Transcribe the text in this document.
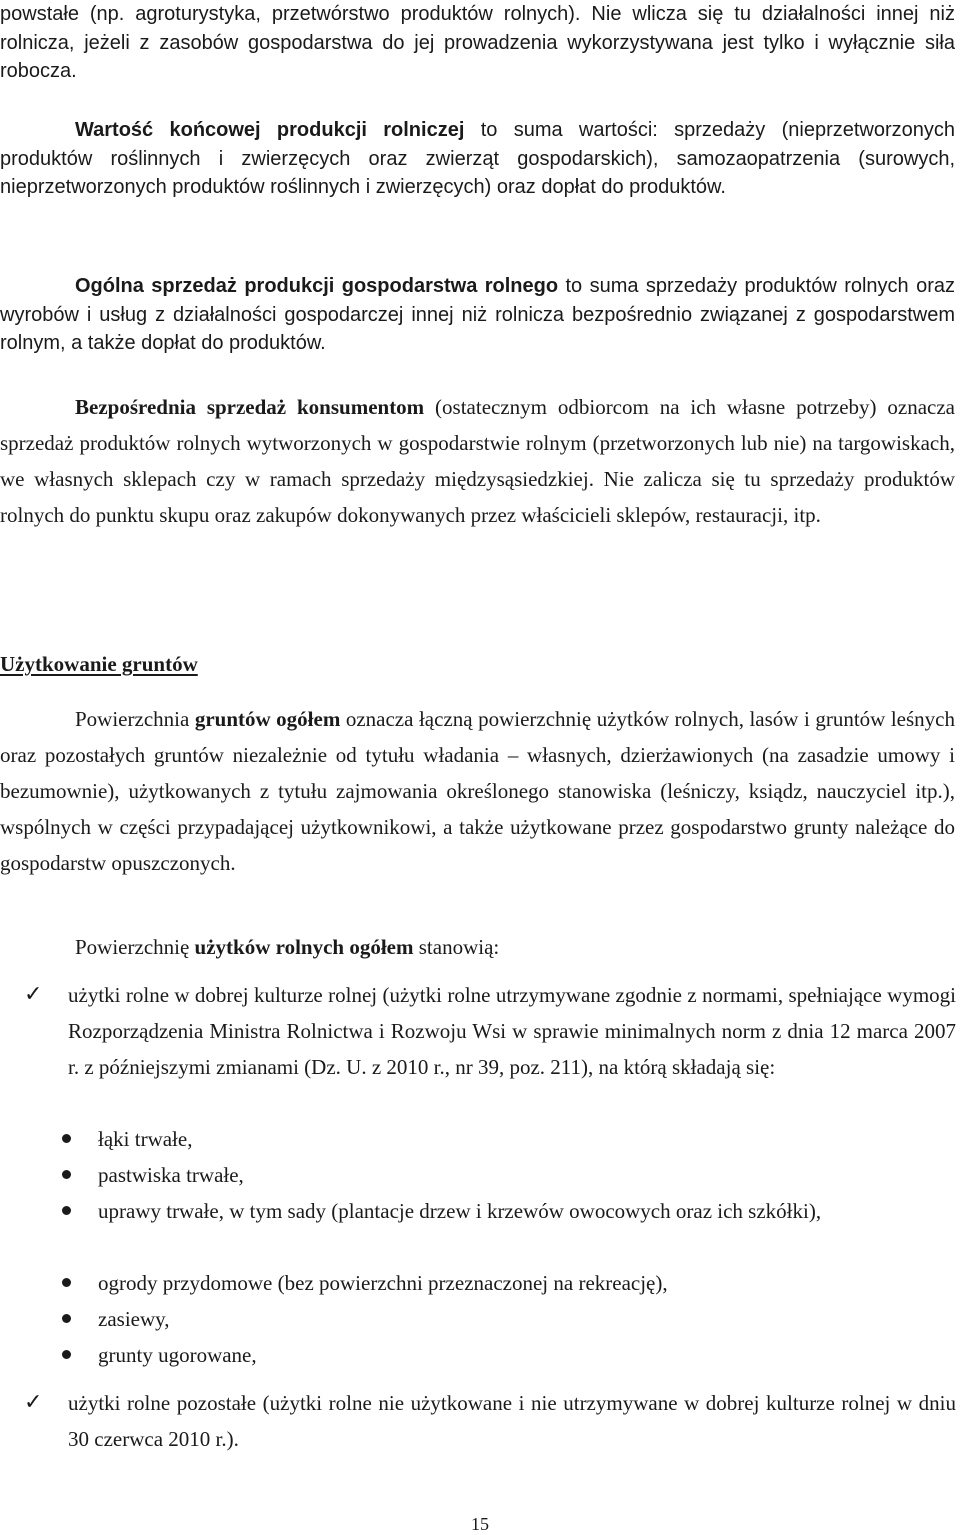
powstałe (np. agroturystyka, przetwórstwo produktów rolnych). Nie wlicza się tu działalności innej niż rolnicza, jeżeli z zasobów gospodarstwa do jej prowadzenia wykorzystywana jest tylko i wyłącznie siła robocza.

Wartość końcowej produkcji rolniczej to suma wartości: sprzedaży (nieprzetworzonych produktów roślinnych i zwierzęcych oraz zwierząt gospodarskich), samozaopatrzenia (surowych, nieprzetworzonych produktów roślinnych i zwierzęcych) oraz dopłat do produktów.

Ogólna sprzedaż produkcji gospodarstwa rolnego to suma sprzedaży produktów rolnych oraz wyrobów i usług z działalności gospodarczej innej niż rolnicza bezpośrednio związanej z gospodarstwem rolnym, a także dopłat do produktów.

Bezpośrednia sprzedaż konsumentom (ostatecznym odbiorcom na ich własne potrzeby) oznacza sprzedaż produktów rolnych wytworzonych w gospodarstwie rolnym (przetworzonych lub nie) na targowiskach, we własnych sklepach czy w ramach sprzedaży międzysąsiedzkiej. Nie zalicza się tu sprzedaży produktów rolnych do punktu skupu oraz zakupów dokonywanych przez właścicieli sklepów, restauracji, itp.

Użytkowanie gruntów

Powierzchnia gruntów ogółem oznacza łączną powierzchnię użytków rolnych, lasów i gruntów leśnych oraz pozostałych gruntów niezależnie od tytułu władania – własnych, dzierżawionych (na zasadzie umowy i bezumownie), użytkowanych z tytułu zajmowania określonego stanowiska (leśniczy, ksiądz, nauczyciel itp.), wspólnych w części przypadającej użytkownikowi, a także użytkowane przez gospodarstwo grunty należące do gospodarstw opuszczonych.

Powierzchnię użytków rolnych ogółem stanowią:

✓ użytki rolne w dobrej kulturze rolnej (użytki rolne utrzymywane zgodnie z normami, spełniające wymogi Rozporządzenia Ministra Rolnictwa i Rozwoju Wsi w sprawie minimalnych norm z dnia 12 marca 2007 r. z późniejszymi zmianami (Dz. U. z 2010 r., nr 39, poz. 211), na którą składają się:

łąki trwałe,

pastwiska trwałe,

uprawy trwałe, w tym sady (plantacje drzew i krzewów owocowych oraz ich szkółki),

ogrody przydomowe (bez powierzchni przeznaczonej na rekreację),

zasiewy,

grunty ugorowane,

✓ użytki rolne pozostałe (użytki rolne nie użytkowane i nie utrzymywane w dobrej kulturze rolnej w dniu 30 czerwca 2010 r.).

15
